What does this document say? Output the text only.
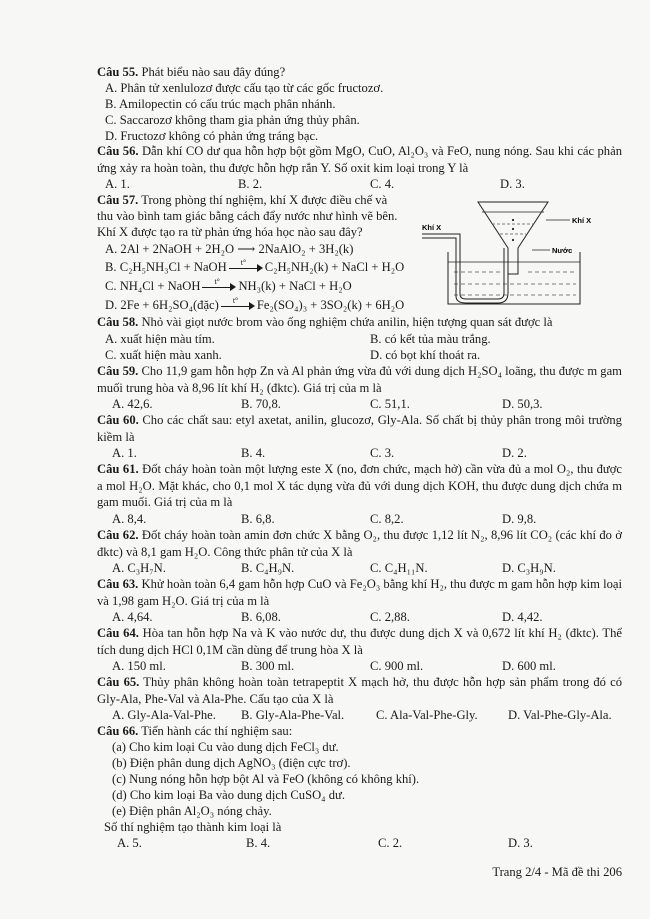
Câu 55. Phát biểu nào sau đây đúng?
A. Phân tử xenlulozơ được cấu tạo từ các gốc fructozơ.
B. Amilopectin có cấu trúc mạch phân nhánh.
C. Saccarozơ không tham gia phản ứng thủy phân.
D. Fructozơ không có phản ứng tráng bạc.
Câu 56. Dẫn khí CO dư qua hỗn hợp bột gồm MgO, CuO, Al₂O₃ và FeO, nung nóng. Sau khi các phản ứng xảy ra hoàn toàn, thu được hỗn hợp rắn Y. Số oxit kim loại trong Y là
A. 1.	B. 2.	C. 4.	D. 3.
Câu 57. Trong phòng thí nghiệm, khí X được điều chế và
thu vào bình tam giác bằng cách đẩy nước như hình vẽ bên.
Khí X được tạo ra từ phản ứng hóa học nào sau đây?
A. 2Al + 2NaOH + 2H₂O ⟶ 2NaAlO₂ + 3H₂(k)
B. C₂H₅NH₃Cl + NaOH t° C₂H₅NH₂(k) + NaCl + H₂O
C. NH₄Cl + NaOH t° NH₃(k) + NaCl + H₂O
D. 2Fe + 6H₂SO₄(đặc) t° Fe₂(SO₄)₃ + 3SO₂(k) + 6H₂O
Khí X
Khí X
Nước
Câu 58. Nhỏ vài giọt nước brom vào ống nghiệm chứa anilin, hiện tượng quan sát được là
A. xuất hiện màu tím.	B. có kết tủa màu trắng.
C. xuất hiện màu xanh.	D. có bọt khí thoát ra.
Câu 59. Cho 11,9 gam hỗn hợp Zn và Al phản ứng vừa đủ với dung dịch H₂SO₄ loãng, thu được m gam muối trung hòa và 8,96 lít khí H₂ (đktc). Giá trị của m là
A. 42,6.	B. 70,8.	C. 51,1.	D. 50,3.
Câu 60. Cho các chất sau: etyl axetat, anilin, glucozơ, Gly-Ala. Số chất bị thủy phân trong môi trường kiềm là
A. 1.	B. 4.	C. 3.	D. 2.
Câu 61. Đốt cháy hoàn toàn một lượng este X (no, đơn chức, mạch hở) cần vừa đủ a mol O₂, thu được a mol H₂O. Mặt khác, cho 0,1 mol X tác dụng vừa đủ với dung dịch KOH, thu được dung dịch chứa m gam muối. Giá trị của m là
A. 8,4.	B. 6,8.	C. 8,2.	D. 9,8.
Câu 62. Đốt cháy hoàn toàn amin đơn chức X bằng O₂, thu được 1,12 lít N₂, 8,96 lít CO₂ (các khí đo ở đktc) và 8,1 gam H₂O. Công thức phân tử của X là
A. C₃H₇N.	B. C₄H₉N.	C. C₄H₁₁N.	D. C₃H₉N.
Câu 63. Khử hoàn toàn 6,4 gam hỗn hợp CuO và Fe₂O₃ bằng khí H₂, thu được m gam hỗn hợp kim loại và 1,98 gam H₂O. Giá trị của m là
A. 4,64.	B. 6,08.	C. 2,88.	D. 4,42.
Câu 64. Hòa tan hỗn hợp Na và K vào nước dư, thu được dung dịch X và 0,672 lít khí H₂ (đktc). Thể tích dung dịch HCl 0,1M cần dùng để trung hòa X là
A. 150 ml.	B. 300 ml.	C. 900 ml.	D. 600 ml.
Câu 65. Thủy phân không hoàn toàn tetrapeptit X mạch hở, thu được hỗn hợp sản phẩm trong đó có Gly-Ala, Phe-Val và Ala-Phe. Cấu tạo của X là
A. Gly-Ala-Val-Phe. B. Gly-Ala-Phe-Val.	C. Ala-Val-Phe-Gly. D. Val-Phe-Gly-Ala.
Câu 66. Tiến hành các thí nghiệm sau:
(a) Cho kim loại Cu vào dung dịch FeCl₃ dư.
(b) Điện phân dung dịch AgNO₃ (điện cực trơ).
(c) Nung nóng hỗn hợp bột Al và FeO (không có không khí).
(d) Cho kim loại Ba vào dung dịch CuSO₄ dư.
(e) Điện phân Al₂O₃ nóng chảy.
Số thí nghiệm tạo thành kim loại là
A. 5.	B. 4.	C. 2.	D. 3.
Trang 2/4 - Mã đề thi 206
